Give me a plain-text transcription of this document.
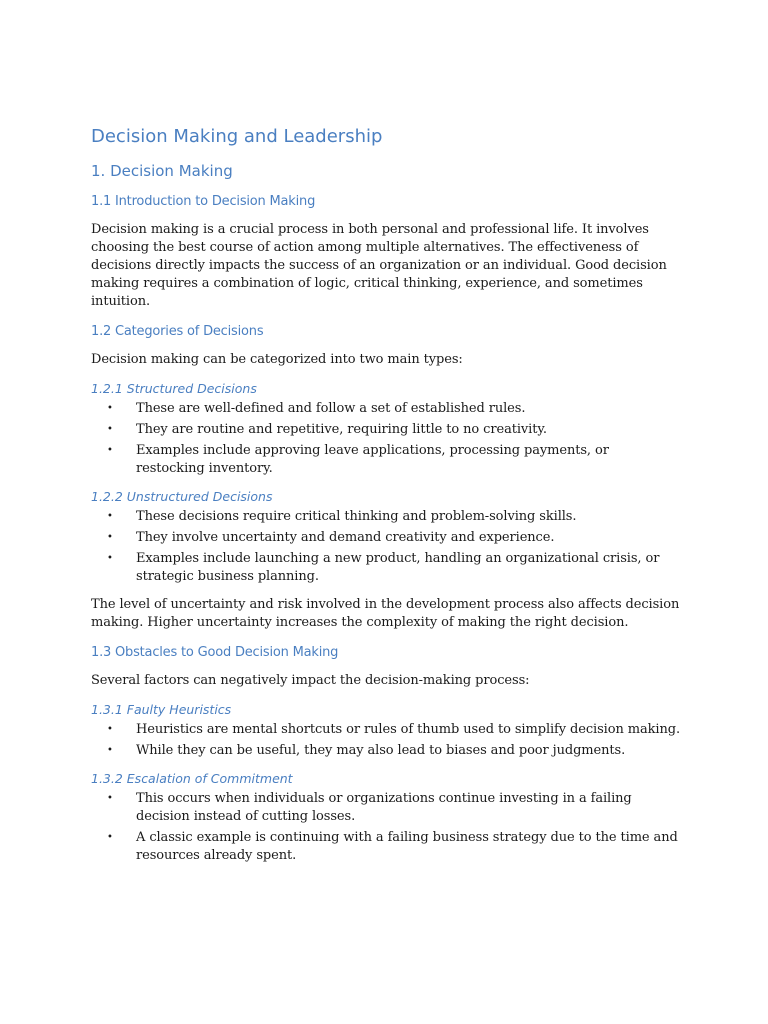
Decision Making and Leadership
1. Decision Making
1.1 Introduction to Decision Making

Decision making is a crucial process in both personal and professional life. It involves choosing the best course of action among multiple alternatives. The effectiveness of decisions directly impacts the success of an organization or an individual. Good decision making requires a combination of logic, critical thinking, experience, and sometimes intuition.

1.2 Categories of Decisions

Decision making can be categorized into two main types:

1.2.1 Structured Decisions
• These are well-defined and follow a set of established rules.
• They are routine and repetitive, requiring little to no creativity.
• Examples include approving leave applications, processing payments, or restocking inventory.
1.2.2 Unstructured Decisions
• These decisions require critical thinking and problem-solving skills.
• They involve uncertainty and demand creativity and experience.
• Examples include launching a new product, handling an organizational crisis, or strategic business planning.

The level of uncertainty and risk involved in the development process also affects decision making. Higher uncertainty increases the complexity of making the right decision.

1.3 Obstacles to Good Decision Making

Several factors can negatively impact the decision-making process:

1.3.1 Faulty Heuristics
• Heuristics are mental shortcuts or rules of thumb used to simplify decision making.
• While they can be useful, they may also lead to biases and poor judgments.
1.3.2 Escalation of Commitment
• This occurs when individuals or organizations continue investing in a failing decision instead of cutting losses.
• A classic example is continuing with a failing business strategy due to the time and resources already spent.
